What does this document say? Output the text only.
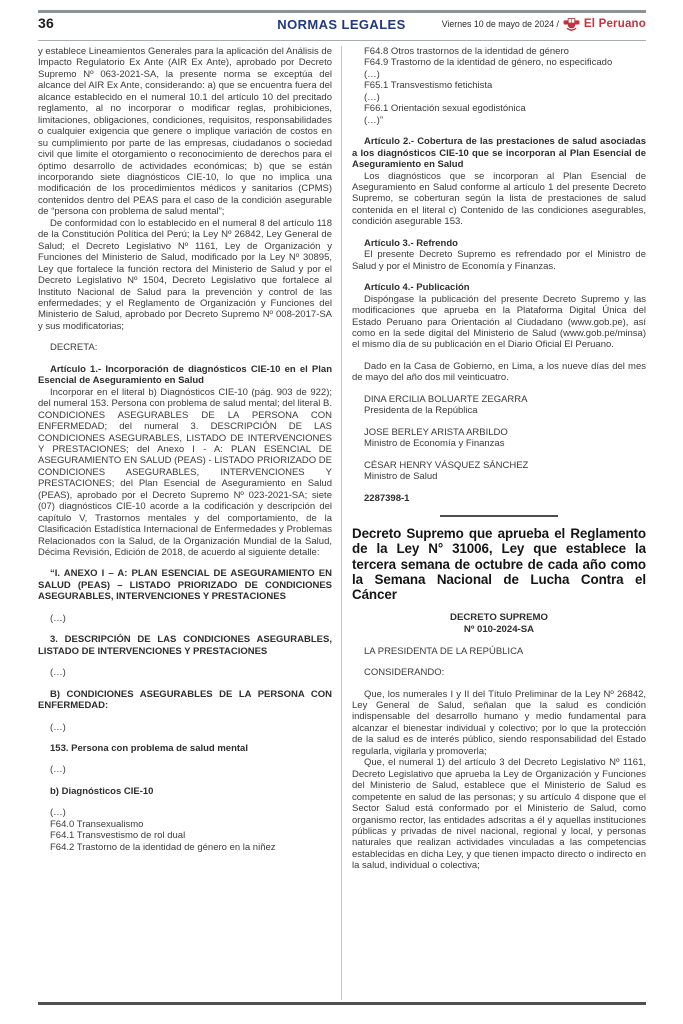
36	NORMAS LEGALES	Viernes 10 de mayo de 2024 / El Peruano

y establece Lineamientos Generales para la aplicación del Análisis de Impacto Regulatorio Ex Ante (AIR Ex Ante), aprobado por Decreto Supremo Nº 063-2021-SA, la presente norma se exceptúa del alcance del AIR Ex Ante, considerando: a) que se encuentra fuera del alcance establecido en el numeral 10.1 del artículo 10 del precitado reglamento, al no incorporar o modificar reglas, prohibiciones, limitaciones, obligaciones, condiciones, requisitos, responsabilidades o cualquier exigencia que genere o implique variación de costos en su cumplimiento por parte de las empresas, ciudadanos o sociedad civil que limite el otorgamiento o reconocimiento de derechos para el óptimo desarrollo de actividades económicas; b) que se están incorporando siete diagnósticos CIE-10, lo que no implica una modificación de los procedimientos médicos y sanitarios (CPMS) contenidos dentro del PEAS para el caso de la condición asegurable de “persona con problema de salud mental”;

De conformidad con lo establecido en el numeral 8 del artículo 118 de la Constitución Política del Perú; la Ley Nº 26842, Ley General de Salud; el Decreto Legislativo Nº 1161, Ley de Organización y Funciones del Ministerio de Salud, modificado por la Ley Nº 30895, Ley que fortalece la función rectora del Ministerio de Salud y por el Decreto Legislativo Nº 1504, Decreto Legislativo que fortalece al Instituto Nacional de Salud para la prevención y control de las enfermedades; y el Reglamento de Organización y Funciones del Ministerio de Salud, aprobado por Decreto Supremo Nº 008-2017-SA y sus modificatorias;

DECRETA:

Artículo 1.- Incorporación de diagnósticos CIE-10 en el Plan Esencial de Aseguramiento en Salud

Incorporar en el literal b) Diagnósticos CIE-10 (pág. 903 de 922); del numeral 153. Persona con problema de salud mental; del literal B. CONDICIONES ASEGURABLES DE LA PERSONA CON ENFERMEDAD; del numeral 3. DESCRIPCIÓN DE LAS CONDICIONES ASEGURABLES, LISTADO DE INTERVENCIONES Y PRESTACIONES; del Anexo I - A: PLAN ESENCIAL DE ASEGURAMIENTO EN SALUD (PEAS) - LISTADO PRIORIZADO DE CONDICIONES ASEGURABLES, INTERVENCIONES Y PRESTACIONES; del Plan Esencial de Aseguramiento en Salud (PEAS), aprobado por el Decreto Supremo Nº 023-2021-SA; siete (07) diagnósticos CIE-10 acorde a la codificación y descripción del capítulo V, Trastornos mentales y del comportamiento, de la Clasificación Estadística Internacional de Enfermedades y Problemas Relacionados con la Salud, de la Organización Mundial de la Salud, Décima Revisión, Edición de 2018, de acuerdo al siguiente detalle:

“I. ANEXO I – A: PLAN ESENCIAL DE ASEGURAMIENTO EN SALUD (PEAS) – LISTADO PRIORIZADO DE CONDICIONES ASEGURABLES, INTERVENCIONES Y PRESTACIONES

(…)

3. DESCRIPCIÓN DE LAS CONDICIONES ASEGURABLES, LISTADO DE INTERVENCIONES Y PRESTACIONES

(…)

B) CONDICIONES ASEGURABLES DE LA PERSONA CON ENFERMEDAD:

(…)

153. Persona con problema de salud mental

(…)

b) Diagnósticos CIE-10

(…)
F64.0 Transexualismo
F64.1 Transvestismo de rol dual
F64.2 Trastorno de la identidad de género en la niñez

F64.8 Otros trastornos de la identidad de género

F64.9 Trastorno de la identidad de género, no especificado

(…)

F65.1 Transvestismo fetichista

(…)

F66.1 Orientación sexual egodistónica

(…)”

Artículo 2.- Cobertura de las prestaciones de salud asociadas a los diagnósticos CIE-10 que se incorporan al Plan Esencial de Aseguramiento en Salud

Los diagnósticos que se incorporan al Plan Esencial de Aseguramiento en Salud conforme al artículo 1 del presente Decreto Supremo, se coberturan según la lista de prestaciones de salud contenida en el literal c) Contenido de las condiciones asegurables, condición asegurable 153.

Artículo 3.- Refrendo

El presente Decreto Supremo es refrendado por el Ministro de Salud y por el Ministro de Economía y Finanzas.

Artículo 4.- Publicación

Dispóngase la publicación del presente Decreto Supremo y las modificaciones que aprueba en la Plataforma Digital Única del Estado Peruano para Orientación al Ciudadano (www.gob.pe), así como en la sede digital del Ministerio de Salud (www.gob.pe/minsa) el mismo día de su publicación en el Diario Oficial El Peruano.

Dado en la Casa de Gobierno, en Lima, a los nueve días del mes de mayo del año dos mil veinticuatro.

DINA ERCILIA BOLUARTE ZEGARRA
Presidenta de la República
JOSE BERLEY ARISTA ARBILDO
Ministro de Economía y Finanzas
CÉSAR HENRY VÁSQUEZ SÁNCHEZ
Ministro de Salud

2287398-1

Decreto Supremo que aprueba el Reglamento de la Ley N° 31006, Ley que establece la tercera semana de octubre de cada año como la Semana Nacional de Lucha Contra el Cáncer

DECRETO SUPREMO
Nº 010-2024-SA

LA PRESIDENTA DE LA REPÚBLICA

CONSIDERANDO:

Que, los numerales I y II del Título Preliminar de la Ley Nº 26842, Ley General de Salud, señalan que la salud es condición indispensable del desarrollo humano y medio fundamental para alcanzar el bienestar individual y colectivo; por lo que la protección de la salud es de interés público, siendo responsabilidad del Estado regularla, vigilarla y promoverla;

Que, el numeral 1) del artículo 3 del Decreto Legislativo Nº 1161, Decreto Legislativo que aprueba la Ley de Organización y Funciones del Ministerio de Salud, establece que el Ministerio de Salud es competente en salud de las personas; y su artículo 4 dispone que el Sector Salud está conformado por el Ministerio de Salud, como organismo rector, las entidades adscritas a él y aquellas instituciones públicas y privadas de nivel nacional, regional y local, y personas naturales que realizan actividades vinculadas a las competencias establecidas en dicha Ley, y que tienen impacto directo o indirecto en la salud, individual o colectiva;
